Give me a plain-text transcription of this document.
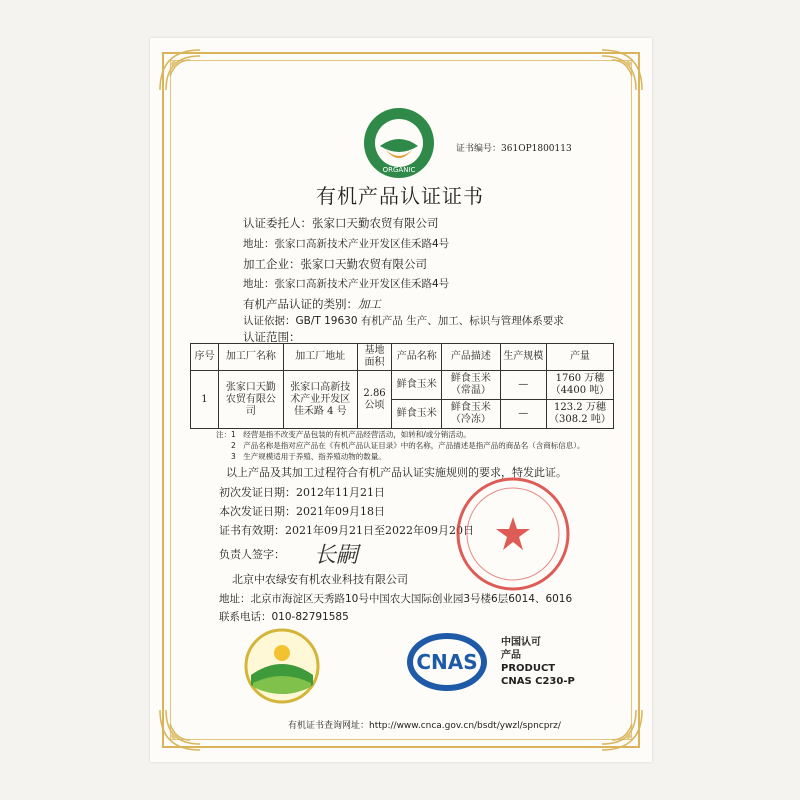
ORGANIC
证书编号：361OP1800113
有机产品认证证书
认证委托人：张家口天勤农贸有限公司
地址：张家口高新技术产业开发区佳禾路4号
加工企业：张家口天勤农贸有限公司
地址：张家口高新技术产业开发区佳禾路4号
有机产品认证的类别：加工
认证依据：GB/T 19630 有机产品 生产、加工、标识与管理体系要求
认证范围：
序号	加工厂名称	加工厂地址	基地面积	产品名称	产品描述	生产规模	产量
1	张家口天勤农贸有限公司	张家口高新技术产业开发区佳禾路 4 号	2.86公顷	鲜食玉米	鲜食玉米（常温）	—	1760 万穗（4400 吨）
				鲜食玉米	鲜食玉米（冷冻）	—	123.2 万穗（308.2 吨）
注：1　经营是指不改变产品包装的有机产品经营活动，如转和/或分销活动。
　　2　产品名称是指对应产品在《有机产品认证目录》中的名称，产品描述是指产品的商品名（含商标信息）。
　　3　生产规模适用于养殖、指养殖动物的数量。
以上产品及其加工过程符合有机产品认证实施规则的要求，特发此证。
初次发证日期：2012年11月21日
本次发证日期：2021年09月18日
证书有效期：2021年09月21日至2022年09月20日
负责人签字： 长嗣
北京中农绿安有机农业科技有限公司
地址：北京市海淀区天秀路10号中国农大国际创业园3号楼6层6014、6016
联系电话：010-82791585
CNAS
中国认可
产品
PRODUCT
CNAS C230-P
有机证书查询网址：http://www.cnca.gov.cn/bsdt/ywzl/spncprz/
